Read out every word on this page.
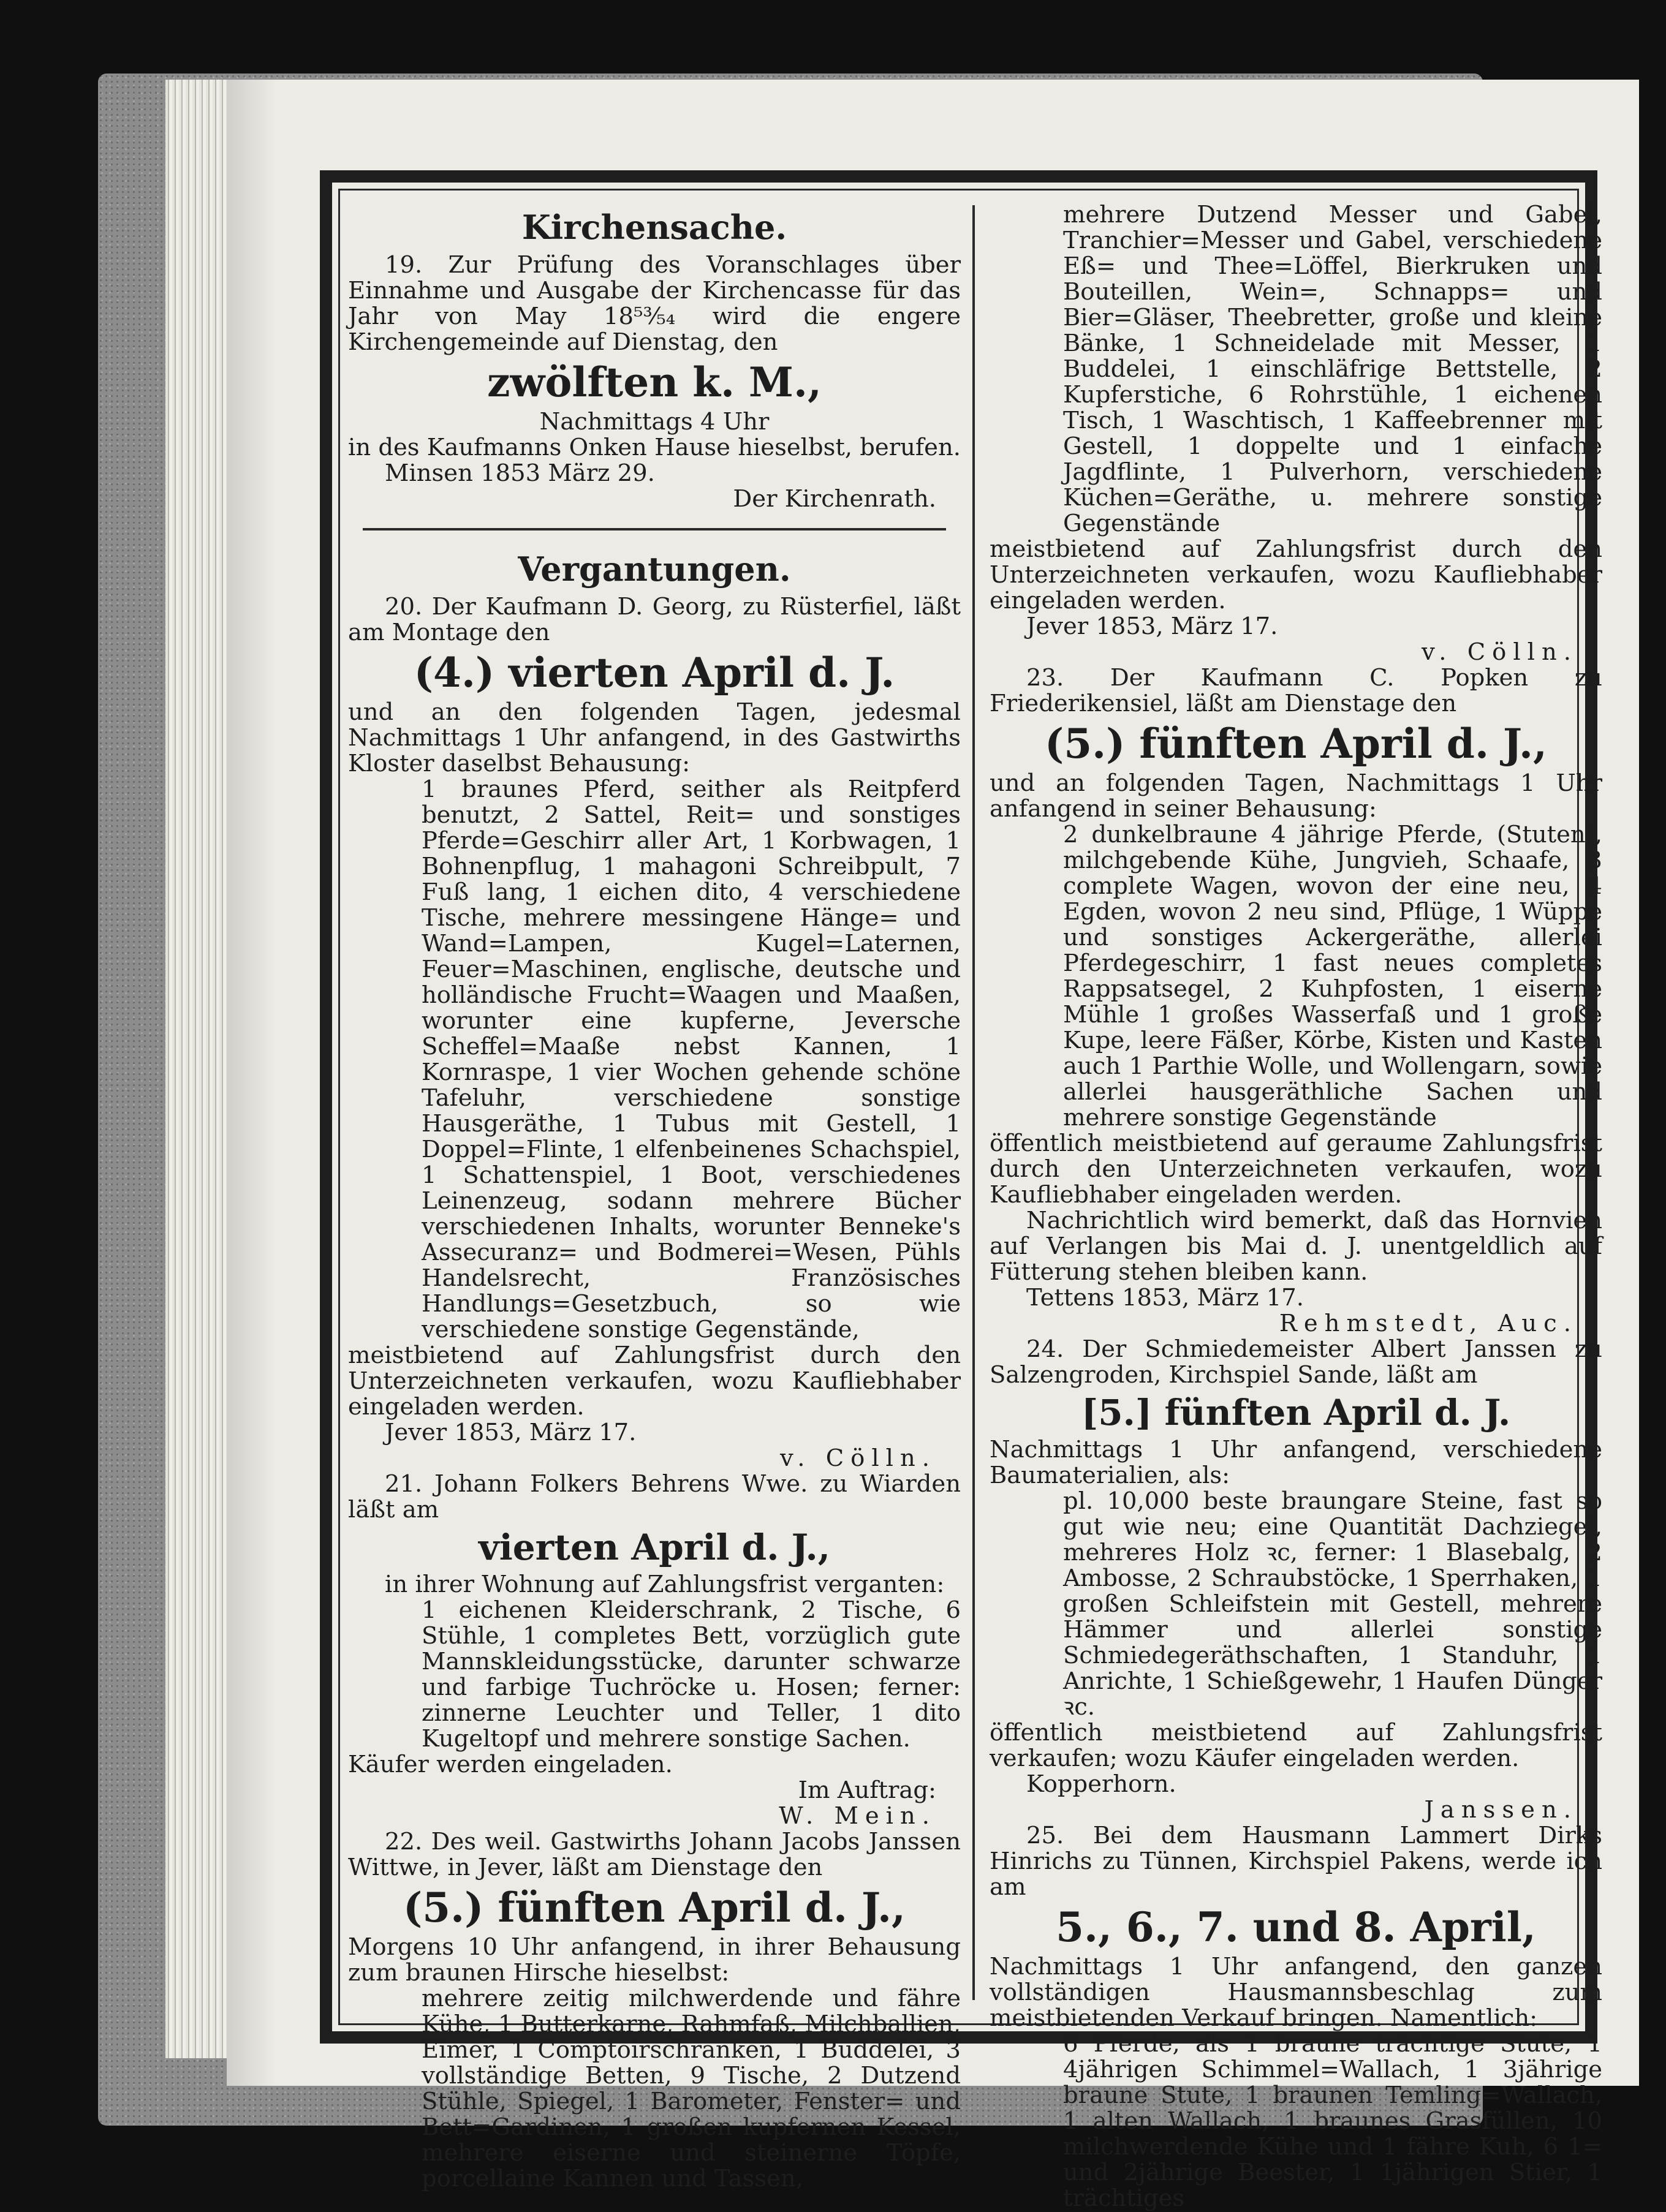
Kirchensache.

19. Zur Prüfung des Voranschlages über Einnahme und Ausgabe der Kirchencasse für das Jahr von May 18⁵³⁄₅₄ wird die engere Kirchengemeinde auf Dienstag, den

zwölften k. M.,

Nachmittags 4 Uhr

in des Kaufmanns Onken Hause hieselbst, berufen.

Minsen 1853 März 29.

Der Kirchenrath.

Vergantungen.

20. Der Kaufmann D. Georg, zu Rüsterfiel, läßt am Montage den

(4.) vierten April d. J.

und an den folgenden Tagen, jedesmal Nachmittags 1 Uhr anfangend, in des Gastwirths Kloster daselbst Behausung:

1 braunes Pferd, seither als Reitpferd benutzt, 2 Sattel, Reit= und sonstiges Pferde=Geschirr aller Art, 1 Korbwagen, 1 Bohnenpflug, 1 mahagoni Schreibpult, 7 Fuß lang, 1 eichen dito, 4 verschiedene Tische, mehrere messingene Hänge= und Wand=Lampen, Kugel=Laternen, Feuer=Maschinen, englische, deutsche und holländische Frucht=Waagen und Maaßen, worunter eine kupferne, Jeversche Scheffel=Maaße nebst Kannen, 1 Kornraspe, 1 vier Wochen gehende schöne Tafeluhr, verschiedene sonstige Hausgeräthe, 1 Tubus mit Gestell, 1 Doppel=Flinte, 1 elfenbeinenes Schachspiel, 1 Schattenspiel, 1 Boot, verschiedenes Leinenzeug, sodann mehrere Bücher verschiedenen Inhalts, worunter Benneke's Assecuranz= und Bodmerei=Wesen, Pühls Handelsrecht, Französisches Handlungs=Gesetzbuch, so wie verschiedene sonstige Gegenstände,

meistbietend auf Zahlungsfrist durch den Unterzeichneten verkaufen, wozu Kaufliebhaber eingeladen werden.

Jever 1853, März 17.

v. Cölln.

21. Johann Folkers Behrens Wwe. zu Wiarden läßt am

vierten April d. J.,

in ihrer Wohnung auf Zahlungsfrist verganten:

1 eichenen Kleiderschrank, 2 Tische, 6 Stühle, 1 completes Bett, vorzüglich gute Mannskleidungsstücke, darunter schwarze und farbige Tuchröcke u. Hosen; ferner: zinnerne Leuchter und Teller, 1 dito Kugeltopf und mehrere sonstige Sachen.

Käufer werden eingeladen.

Im Auftrag:

W. Mein.

22. Des weil. Gastwirths Johann Jacobs Janssen Wittwe, in Jever, läßt am Dienstage den

(5.) fünften April d. J.,

Morgens 10 Uhr anfangend, in ihrer Behausung zum braunen Hirsche hieselbst:

mehrere zeitig milchwerdende und fähre Kühe, 1 Butterkarne, Rahmfaß, Milchballien, Eimer, 1 Comptoirschranken, 1 Buddelei, 3 vollständige Betten, 9 Tische, 2 Dutzend Stühle, Spiegel, 1 Barometer, Fenster= und Bett=Gardinen, 1 großen kupfernen Kessel, mehrere eiserne und steinerne Töpfe, porcellaine Kannen und Tassen,

mehrere Dutzend Messer und Gabel, Tranchier=Messer und Gabel, verschiedene Eß= und Thee=Löffel, Bierkruken und Bouteillen, Wein=, Schnapps= und Bier=Gläser, Theebretter, große und kleine Bänke, 1 Schneidelade mit Messer, 1 Buddelei, 1 einschläfrige Bettstelle, 2 Kupferstiche, 6 Rohrstühle, 1 eichenen Tisch, 1 Waschtisch, 1 Kaffeebrenner mit Gestell, 1 doppelte und 1 einfache Jagdflinte, 1 Pulverhorn, verschiedene Küchen=Geräthe, u. mehrere sonstige Gegenstände

meistbietend auf Zahlungsfrist durch den Unterzeichneten verkaufen, wozu Kaufliebhaber eingeladen werden.

Jever 1853, März 17.

v. Cölln.

23. Der Kaufmann C. Popken zu Friederikensiel, läßt am Dienstage den

(5.) fünften April d. J.,

und an folgenden Tagen, Nachmittags 1 Uhr anfangend in seiner Behausung:

2 dunkelbraune 4 jährige Pferde, (Stuten), milchgebende Kühe, Jungvieh, Schaafe, 3 complete Wagen, wovon der eine neu, 4 Egden, wovon 2 neu sind, Pflüge, 1 Wüppe und sonstiges Ackergeräthe, allerlei Pferdegeschirr, 1 fast neues completes Rappsatsegel, 2 Kuhpfosten, 1 eiserne Mühle 1 großes Wasserfaß und 1 große Kupe, leere Fäßer, Körbe, Kisten und Kasten auch 1 Parthie Wolle, und Wollengarn, sowie allerlei hausgeräthliche Sachen und mehrere sonstige Gegenstände

öffentlich meistbietend auf geraume Zahlungsfrist durch den Unterzeichneten verkaufen, wozu Kaufliebhaber eingeladen werden.

Nachrichtlich wird bemerkt, daß das Hornvieh auf Verlangen bis Mai d. J. unentgeldlich auf Fütterung stehen bleiben kann.

Tettens 1853, März 17.

Rehmstedt, Auc.

24. Der Schmiedemeister Albert Janssen zu Salzengroden, Kirchspiel Sande, läßt am

[5.] fünften April d. J.

Nachmittags 1 Uhr anfangend, verschiedene Baumaterialien, als:

pl. 10,000 beste braungare Steine, fast so gut wie neu; eine Quantität Dachziegel, mehreres Holz ꝛc, ferner: 1 Blasebalg, 2 Ambosse, 2 Schraubstöcke, 1 Sperrhaken, 1 großen Schleifstein mit Gestell, mehrere Hämmer und allerlei sonstige Schmiedegeräthschaften, 1 Standuhr, 1 Anrichte, 1 Schießgewehr, 1 Haufen Dünger ꝛc.

öffentlich meistbietend auf Zahlungsfrist verkaufen; wozu Käufer eingeladen werden.

Kopperhorn.

Janssen.

25. Bei dem Hausmann Lammert Dirks Hinrichs zu Tünnen, Kirchspiel Pakens, werde ich am

5., 6., 7. und 8. April,

Nachmittags 1 Uhr anfangend, den ganzen vollständigen Hausmannsbeschlag zum meistbietenden Verkauf bringen. Namentlich:

6 Pferde, als 1 braune trächtige Stute, 1 4jährigen Schimmel=Wallach, 1 3jährige braune Stute, 1 braunen Temling=Wallach, 1 alten Wallach, 1 braunes Grasfüllen, 10 milchwerdende Kühe und 1 fähre Kuh, 6 1= und 2jährige Beester, 1 1jährigen Stier, 1 trächtiges
